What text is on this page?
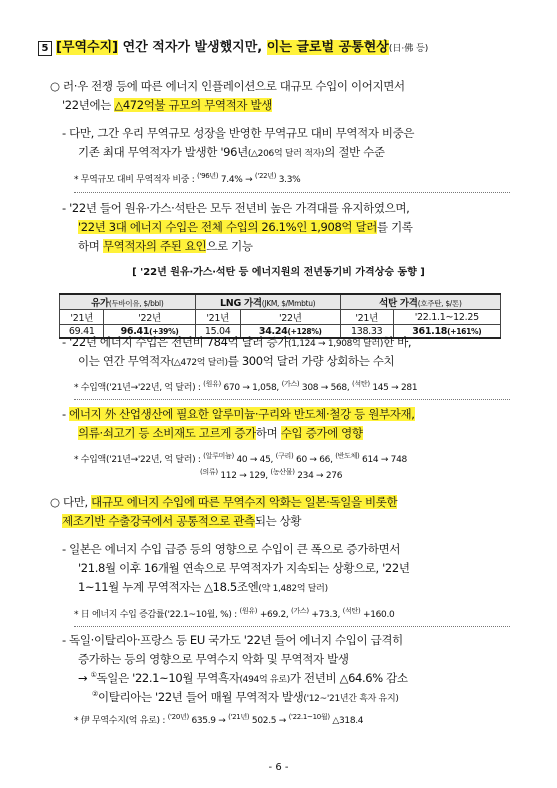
5 [무역수지] 연간 적자가 발생했지만, 이는 글로벌 공통현상(日‧佛 등)
○ 러‧우 전쟁 등에 따른 에너지 인플레이션으로 대규모 수입이 이어지면서
'22년에는 △472억불 규모의 무역적자 발생
- 다만, 그간 우리 무역규모 성장을 반영한 무역규모 대비 무역적자 비중은
기존 최대 무역적자가 발생한 '96년(△206억 달러 적자)의 절반 수준
* 무역규모 대비 무역적자 비중 : $^{('96년)}$ 7.4% → $^{('22년)}$ 3.3%
- '22년 들어 원유‧가스‧석탄은 모두 전년비 높은 가격대를 유지하였으며,
'22년 3대 에너지 수입은 전체 수입의 26.1%인 1,908억 달러를 기록
하며 무역적자의 주된 요인으로 기능
[ '22년 원유‧가스‧석탄 등 에너지원의 전년동기비 가격상승 동향 ]
유가(두바이유, $/bbl)		LNG 가격(JKM, $/Mmbtu)		석탄 가격(호주탄, $/톤)	
'21년	'22년	'21년	'22년	'21년	'22.1.1~12.25
69.41	96.41(+39%)	15.04	34.24(+128%)	138.33	361.18(+161%)
- '22년 에너지 수입은 전년비 784억 달러 증가(1,124 → 1,908억 달러)한 바,
이는 연간 무역적자(△472억 달러)를 300억 달러 가량 상회하는 수치
* 수입액('21년→'22년, 억 달러) : $^{(원유)}$ 670 → 1,058, $^{(가스)}$ 308 → 568, $^{(석탄)}$ 145 → 281
- 에너지 外 산업생산에 필요한 알루미늄‧구리와 반도체‧철강 등 원부자재,
의류‧쇠고기 등 소비재도 고르게 증가하며 수입 증가에 영향
* 수입액('21년→'22년, 억 달러) : $^{(알루미늄)}$ 40 → 45, $^{(구리)}$ 60 → 66, $^{(반도체)}$ 614 → 748
$^{(의류)}$ 112 → 129, $^{(농산물)}$ 234 → 276
○ 다만, 대규모 에너지 수입에 따른 무역수지 악화는 일본‧독일을 비롯한
제조기반 수출강국에서 공통적으로 관측되는 상황
- 일본은 에너지 수입 급증 등의 영향으로 수입이 큰 폭으로 증가하면서
'21.8월 이후 16개월 연속으로 무역적자가 지속되는 상황으로, '22년
1~11월 누계 무역적자는 △18.5조엔(약 1,482억 달러)
* 日 에너지 수입 증감률('22.1~10월, %) : $^{(원유)}$ +69.2, $^{(가스)}$ +73.3, $^{(석탄)}$ +160.0
- 독일‧이탈리아‧프랑스 등 EU 국가도 '22년 들어 에너지 수입이 급격히
증가하는 등의 영향으로 무역수지 악화 및 무역적자 발생
→ ①독일은 '22.1~10월 무역흑자(494억 유로)가 전년비 △64.6% 감소
②이탈리아는 '22년 들어 매월 무역적자 발생('12~'21년간 흑자 유지)
* 伊 무역수지(억 유로) : $^{('20년)}$ 635.9 → $^{('21년)}$ 502.5 → $^{('22.1\sim 10월)}$ △318.4
- 6 -
